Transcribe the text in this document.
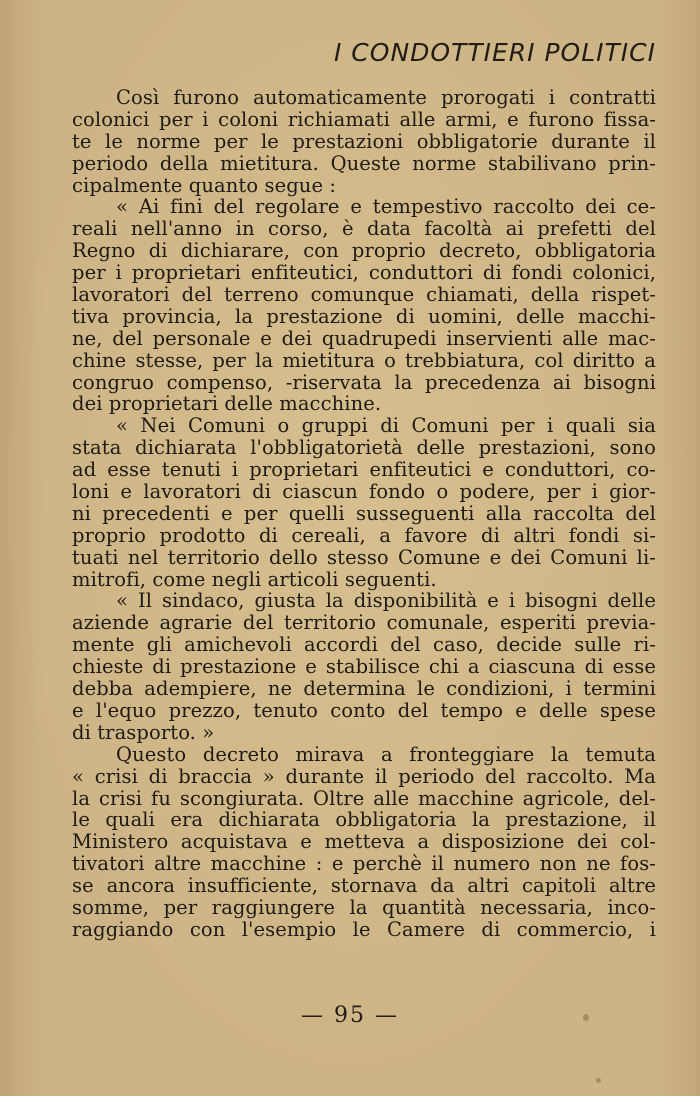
I CONDOTTIERI POLITICI
Così furono automaticamente prorogati i contratti
colonici per i coloni richiamati alle armi, e furono fissa-
te le norme per le prestazioni obbligatorie durante il
periodo della mietitura. Queste norme stabilivano prin-
cipalmente quanto segue :
« Ai fini del regolare e tempestivo raccolto dei ce-
reali nell'anno in corso, è data facoltà ai prefetti del
Regno di dichiarare, con proprio decreto, obbligatoria
per i proprietari enfiteutici, conduttori di fondi colonici,
lavoratori del terreno comunque chiamati, della rispet-
tiva provincia, la prestazione di uomini, delle macchi-
ne, del personale e dei quadrupedi inservienti alle mac-
chine stesse, per la mietitura o trebbiatura, col diritto a
congruo compenso, -riservata la precedenza ai bisogni
dei proprietari delle macchine.
« Nei Comuni o gruppi di Comuni per i quali sia
stata dichiarata l'obbligatorietà delle prestazioni, sono
ad esse tenuti i proprietari enfiteutici e conduttori, co-
loni e lavoratori di ciascun fondo o podere, per i gior-
ni precedenti e per quelli susseguenti alla raccolta del
proprio prodotto di cereali, a favore di altri fondi si-
tuati nel territorio dello stesso Comune e dei Comuni li-
mitrofi, come negli articoli seguenti.
« Il sindaco, giusta la disponibilità e i bisogni delle
aziende agrarie del territorio comunale, esperiti previa-
mente gli amichevoli accordi del caso, decide sulle ri-
chieste di prestazione e stabilisce chi a ciascuna di esse
debba adempiere, ne determina le condizioni, i termini
e l'equo prezzo, tenuto conto del tempo e delle spese
di trasporto. »
Questo decreto mirava a fronteggiare la temuta
« crisi di braccia » durante il periodo del raccolto. Ma
la crisi fu scongiurata. Oltre alle macchine agricole, del-
le quali era dichiarata obbligatoria la prestazione, il
Ministero acquistava e metteva a disposizione dei col-
tivatori altre macchine : e perchè il numero non ne fos-
se ancora insufficiente, stornava da altri capitoli altre
somme, per raggiungere la quantità necessaria, inco-
raggiando con l'esempio le Camere di commercio, i
— 95 —
